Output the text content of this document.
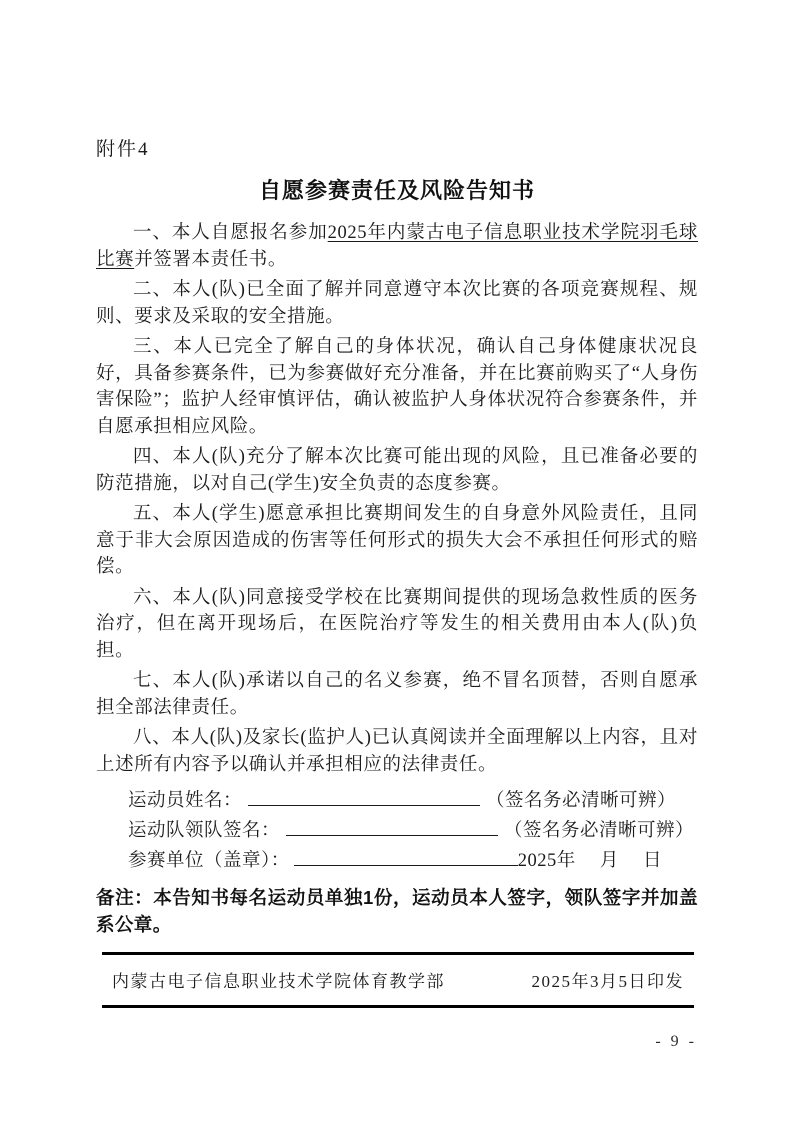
附件4
自愿参赛责任及风险告知书

一、本人自愿报名参加2025年内蒙古电子信息职业技术学院羽毛球比赛并签署本责任书。

二、本人(队)已全面了解并同意遵守本次比赛的各项竞赛规程、规则、要求及采取的安全措施。

三、本人已完全了解自己的身体状况，确认自己身体健康状况良好，具备参赛条件，已为参赛做好充分准备，并在比赛前购买了“人身伤害保险”；监护人经审慎评估，确认被监护人身体状况符合参赛条件，并自愿承担相应风险。

四、本人(队)充分了解本次比赛可能出现的风险，且已准备必要的防范措施，以对自己(学生)安全负责的态度参赛。

五、本人(学生)愿意承担比赛期间发生的自身意外风险责任，且同意于非大会原因造成的伤害等任何形式的损失大会不承担任何形式的赔偿。

六、本人(队)同意接受学校在比赛期间提供的现场急救性质的医务治疗，但在离开现场后，在医院治疗等发生的相关费用由本人(队)负担。

七、本人(队)承诺以自己的名义参赛，绝不冒名顶替，否则自愿承担全部法律责任。

八、本人(队)及家长(监护人)已认真阅读并全面理解以上内容，且对上述所有内容予以确认并承担相应的法律责任。

运动员姓名：	（签名务必清晰可辨）
运动队领队签名：	（签名务必清晰可辨）
参赛单位（盖章）：	2025年　 月 　日

备注：本告知书每名运动员单独1份，运动员本人签字，领队签字并加盖系公章。

内蒙古电子信息职业技术学院体育教学部	2025年3月5日印发
- 9 -
